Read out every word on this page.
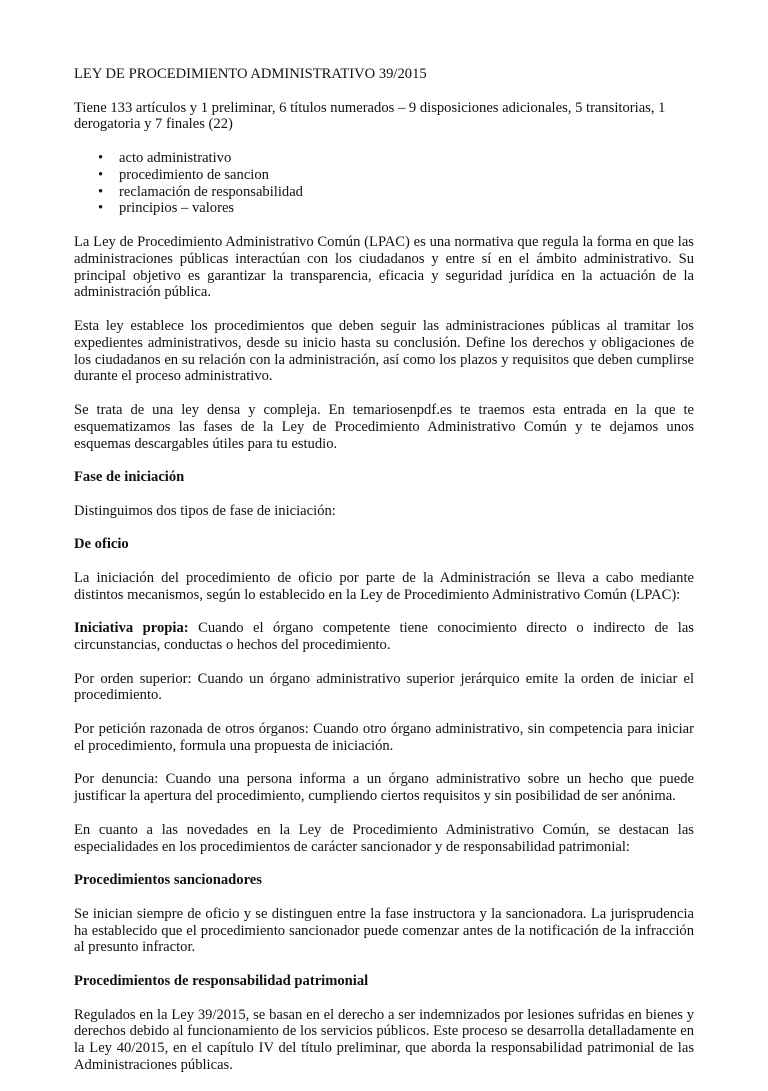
LEY DE PROCEDIMIENTO ADMINISTRATIVO 39/2015

Tiene 133 artículos y 1 preliminar, 6 títulos numerados – 9 disposiciones adicionales, 5 transitorias, 1 derogatoria y 7 finales (22)

• acto administrativo
• procedimiento de sancion
• reclamación de responsabilidad
• principios – valores

La Ley de Procedimiento Administrativo Común (LPAC) es una normativa que regula la forma en que las administraciones públicas interactúan con los ciudadanos y entre sí en el ámbito administrativo. Su principal objetivo es garantizar la transparencia, eficacia y seguridad jurídica en la actuación de la administración pública.

Esta ley establece los procedimientos que deben seguir las administraciones públicas al tramitar los expedientes administrativos, desde su inicio hasta su conclusión. Define los derechos y obligaciones de los ciudadanos en su relación con la administración, así como los plazos y requisitos que deben cumplirse durante el proceso administrativo.

Se trata de una ley densa y compleja. En temariosenpdf.es te traemos esta entrada en la que te esquematizamos las fases de la Ley de Procedimiento Administrativo Común y te dejamos unos esquemas descargables útiles para tu estudio.

Fase de iniciación

Distinguimos dos tipos de fase de iniciación:

De oficio

La iniciación del procedimiento de oficio por parte de la Administración se lleva a cabo mediante distintos mecanismos, según lo establecido en la Ley de Procedimiento Administrativo Común (LPAC):

Iniciativa propia: Cuando el órgano competente tiene conocimiento directo o indirecto de las circunstancias, conductas o hechos del procedimiento.

Por orden superior: Cuando un órgano administrativo superior jerárquico emite la orden de iniciar el procedimiento.

Por petición razonada de otros órganos: Cuando otro órgano administrativo, sin competencia para iniciar el procedimiento, formula una propuesta de iniciación.

Por denuncia: Cuando una persona informa a un órgano administrativo sobre un hecho que puede justificar la apertura del procedimiento, cumpliendo ciertos requisitos y sin posibilidad de ser anónima.

En cuanto a las novedades en la Ley de Procedimiento Administrativo Común, se destacan las especialidades en los procedimientos de carácter sancionador y de responsabilidad patrimonial:

Procedimientos sancionadores

Se inician siempre de oficio y se distinguen entre la fase instructora y la sancionadora. La jurisprudencia ha establecido que el procedimiento sancionador puede comenzar antes de la notificación de la infracción al presunto infractor.

Procedimientos de responsabilidad patrimonial

Regulados en la Ley 39/2015, se basan en el derecho a ser indemnizados por lesiones sufridas en bienes y derechos debido al funcionamiento de los servicios públicos. Este proceso se desarrolla detalladamente en la Ley 40/2015, en el capítulo IV del título preliminar, que aborda la responsabilidad patrimonial de las Administraciones públicas.
